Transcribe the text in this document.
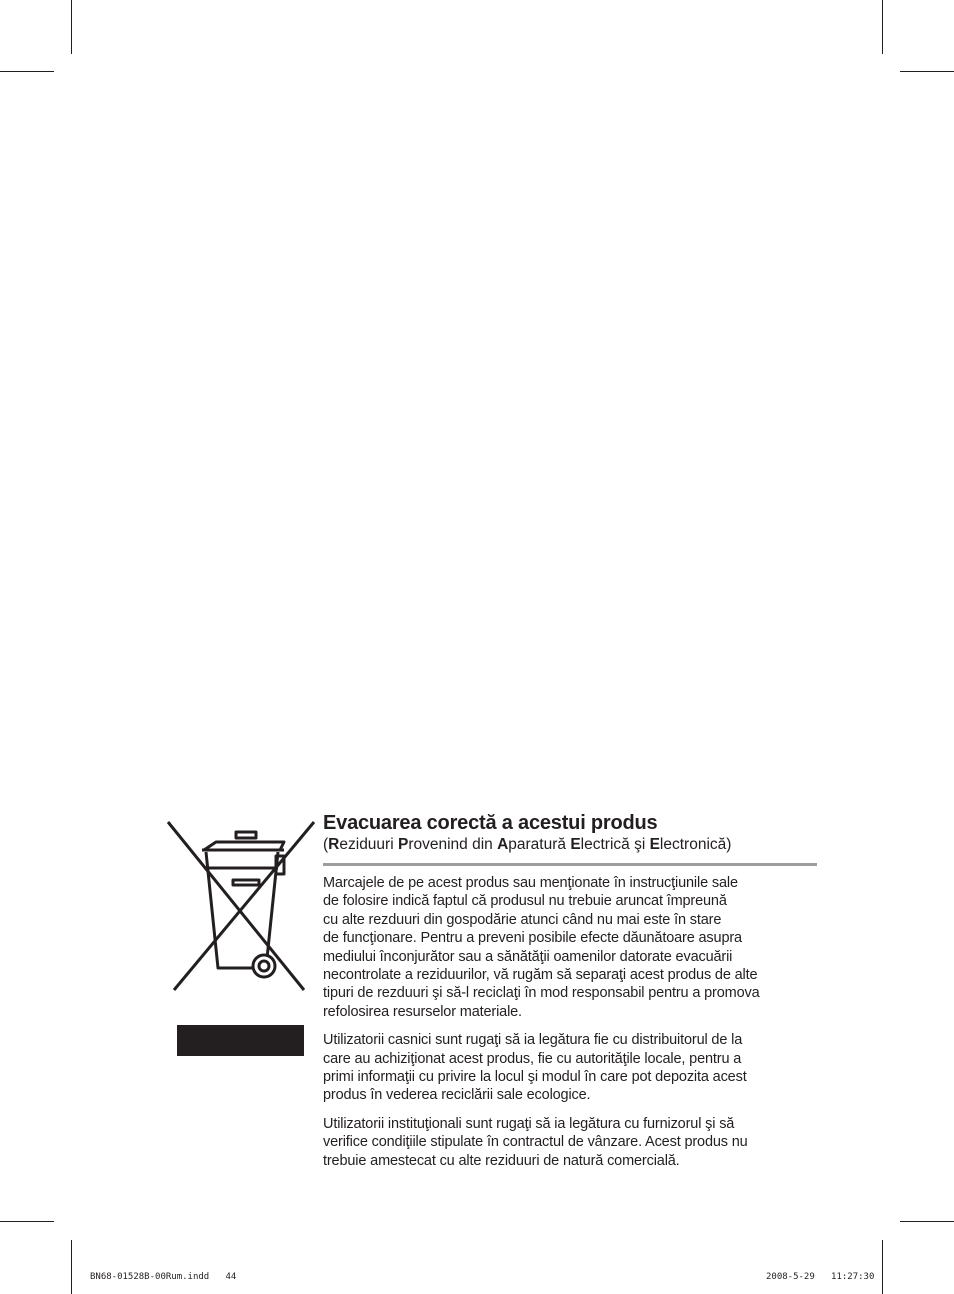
Evacuarea corectă a acestui produs

(Reziduuri Provenind din Aparatură Electrică şi Electronică)

Marcajele de pe acest produs sau menţionate în instrucţiunile sale
de folosire indică faptul că produsul nu trebuie aruncat împreună
cu alte rezduuri din gospodărie atunci când nu mai este în stare
de funcţionare. Pentru a preveni posibile efecte dăunătoare asupra
mediului înconjurător sau a sănătăţii oamenilor datorate evacuării
necontrolate a reziduurilor, vă rugăm să separaţi acest produs de alte
tipuri de rezduuri şi să-l reciclaţi în mod responsabil pentru a promova
refolosirea resurselor materiale.

Utilizatorii casnici sunt rugaţi să ia legătura fie cu distribuitorul de la
care au achiziţionat acest produs, fie cu autorităţile locale, pentru a
primi informaţii cu privire la locul şi modul în care pot depozita acest
produs în vederea reciclării sale ecologice.

Utilizatorii instituţionali sunt rugaţi să ia legătura cu furnizorul şi să
verifice condiţiile stipulate în contractul de vânzare. Acest produs nu
trebuie amestecat cu alte reziduuri de natură comercială.

BN68-01528B-00Rum.indd   44	2008-5-29   11:27:30
